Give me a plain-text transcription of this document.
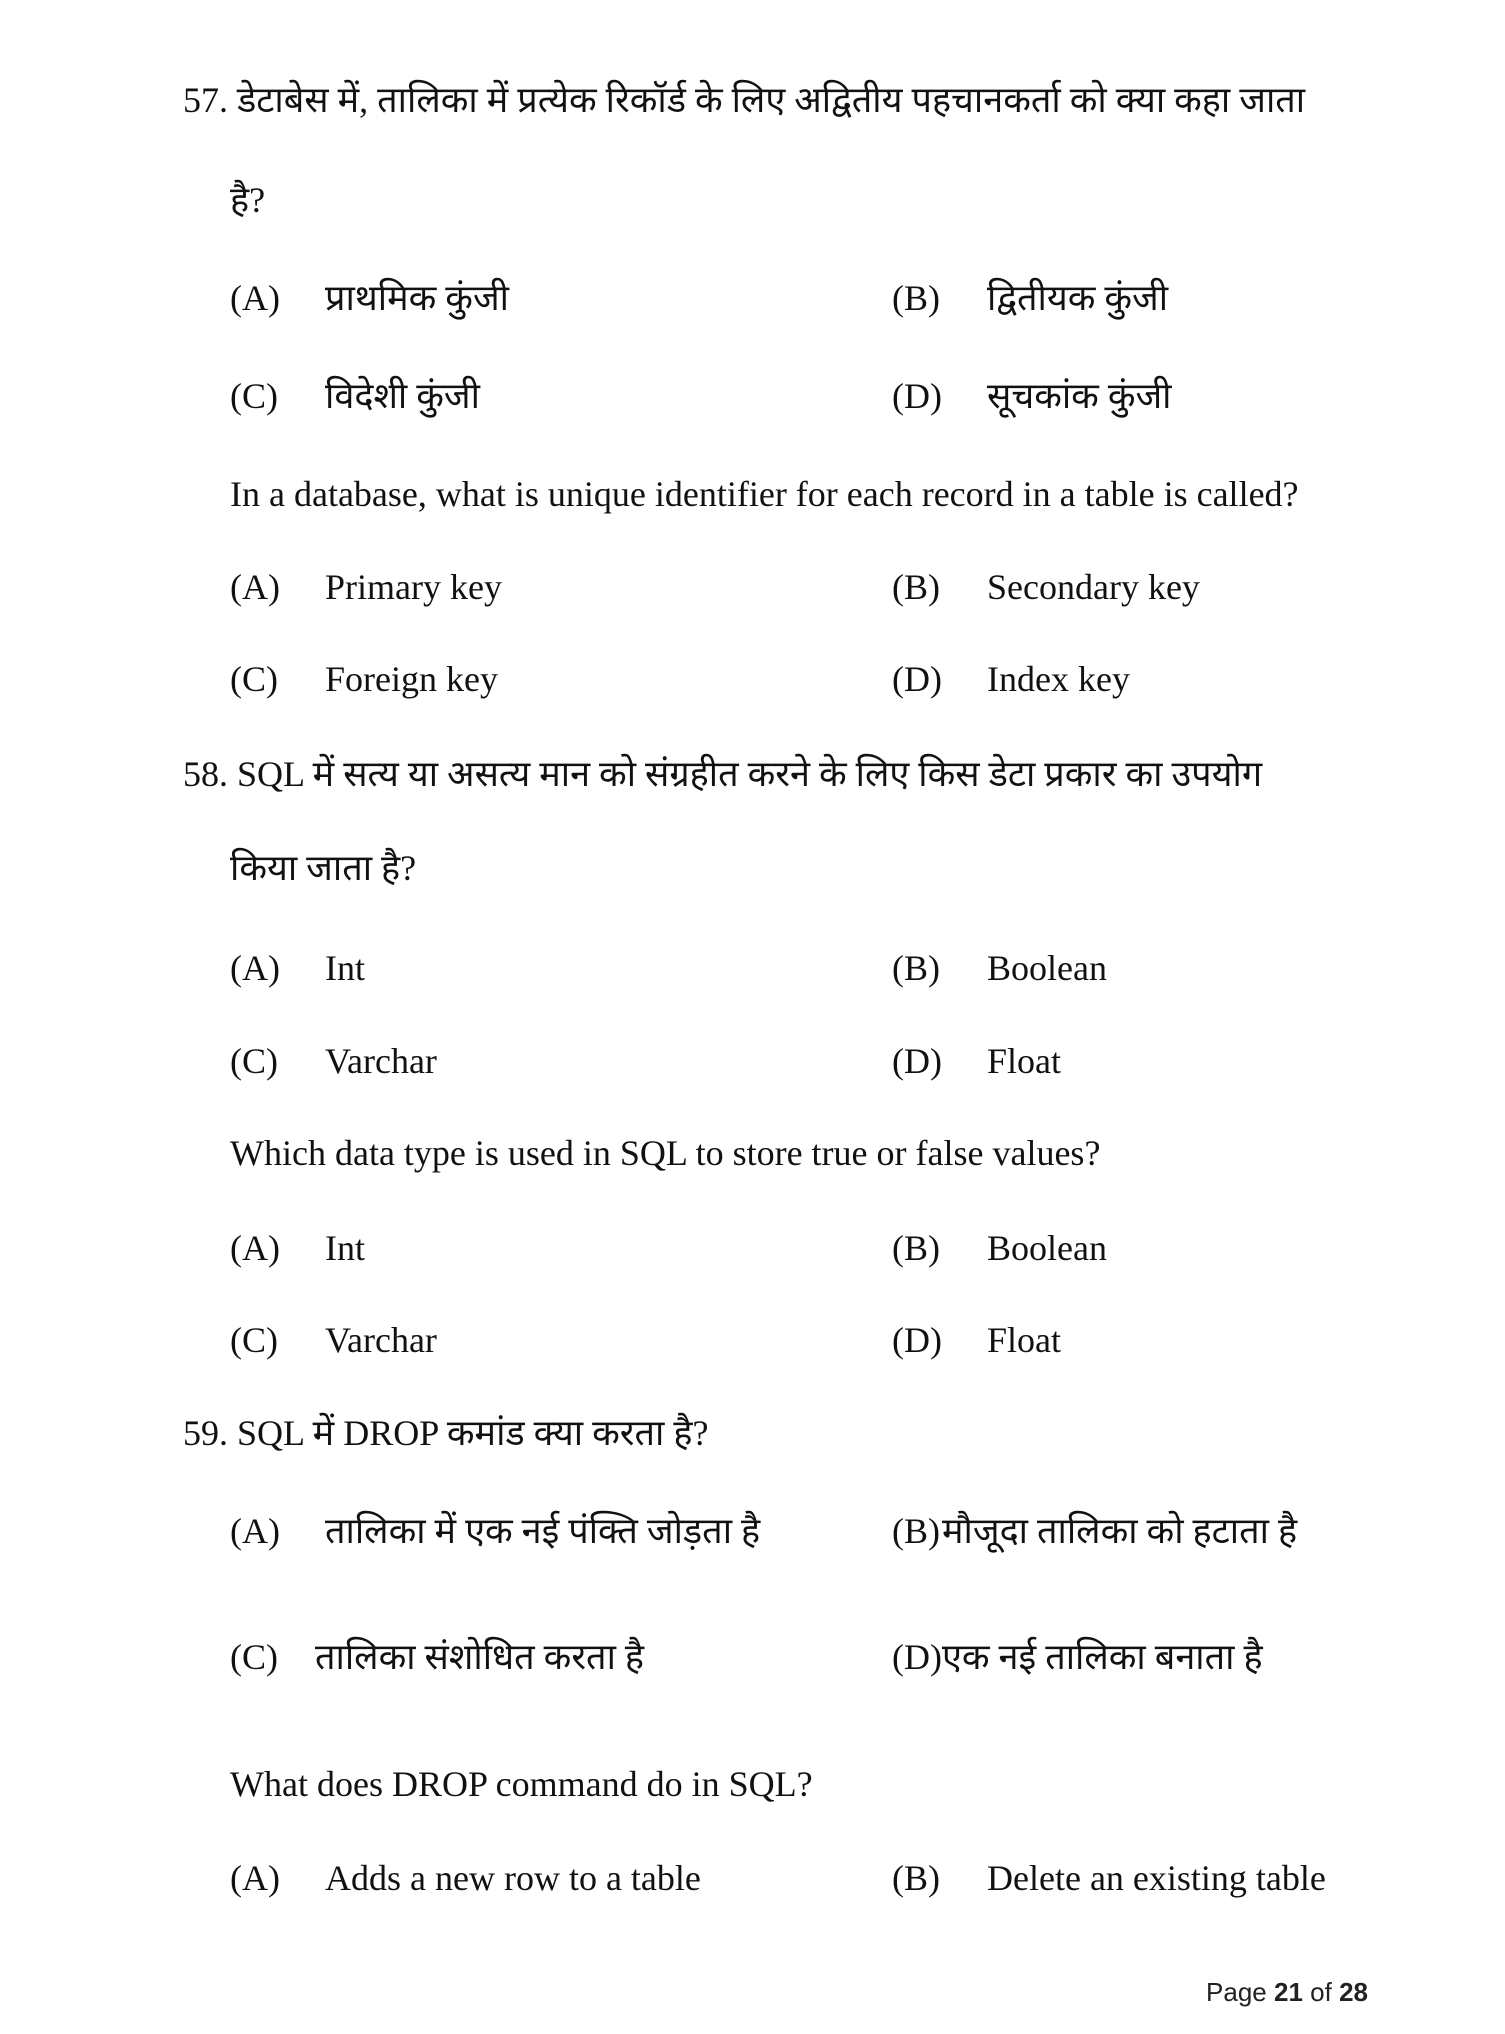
57. डेटाबेस में, तालिका में प्रत्येक रिकॉर्ड के लिए अद्वितीय पहचानकर्ता को क्या कहा जाता
है?
(A) प्राथमिक कुंजी	(B) द्वितीयक कुंजी
(C) विदेशी कुंजी	(D) सूचकांक कुंजी
In a database, what is unique identifier for each record in a table is called?
(A) Primary key	(B) Secondary key
(C) Foreign key	(D) Index key
58. SQL में सत्य या असत्य मान को संग्रहीत करने के लिए किस डेटा प्रकार का उपयोग
किया जाता है?
(A) Int	(B) Boolean
(C) Varchar	(D) Float
Which data type is used in SQL to store true or false values?
(A) Int	(B) Boolean
(C) Varchar	(D) Float
59. SQL में DROP कमांड क्या करता है?
(A) तालिका में एक नई पंक्ति जोड़ता है	(B) मौजूदा तालिका को हटाता है
(C) तालिका संशोधित करता है	(D) एक नई तालिका बनाता है
What does DROP command do in SQL?
(A) Adds a new row to a table	(B) Delete an existing table
Page 21 of 28
